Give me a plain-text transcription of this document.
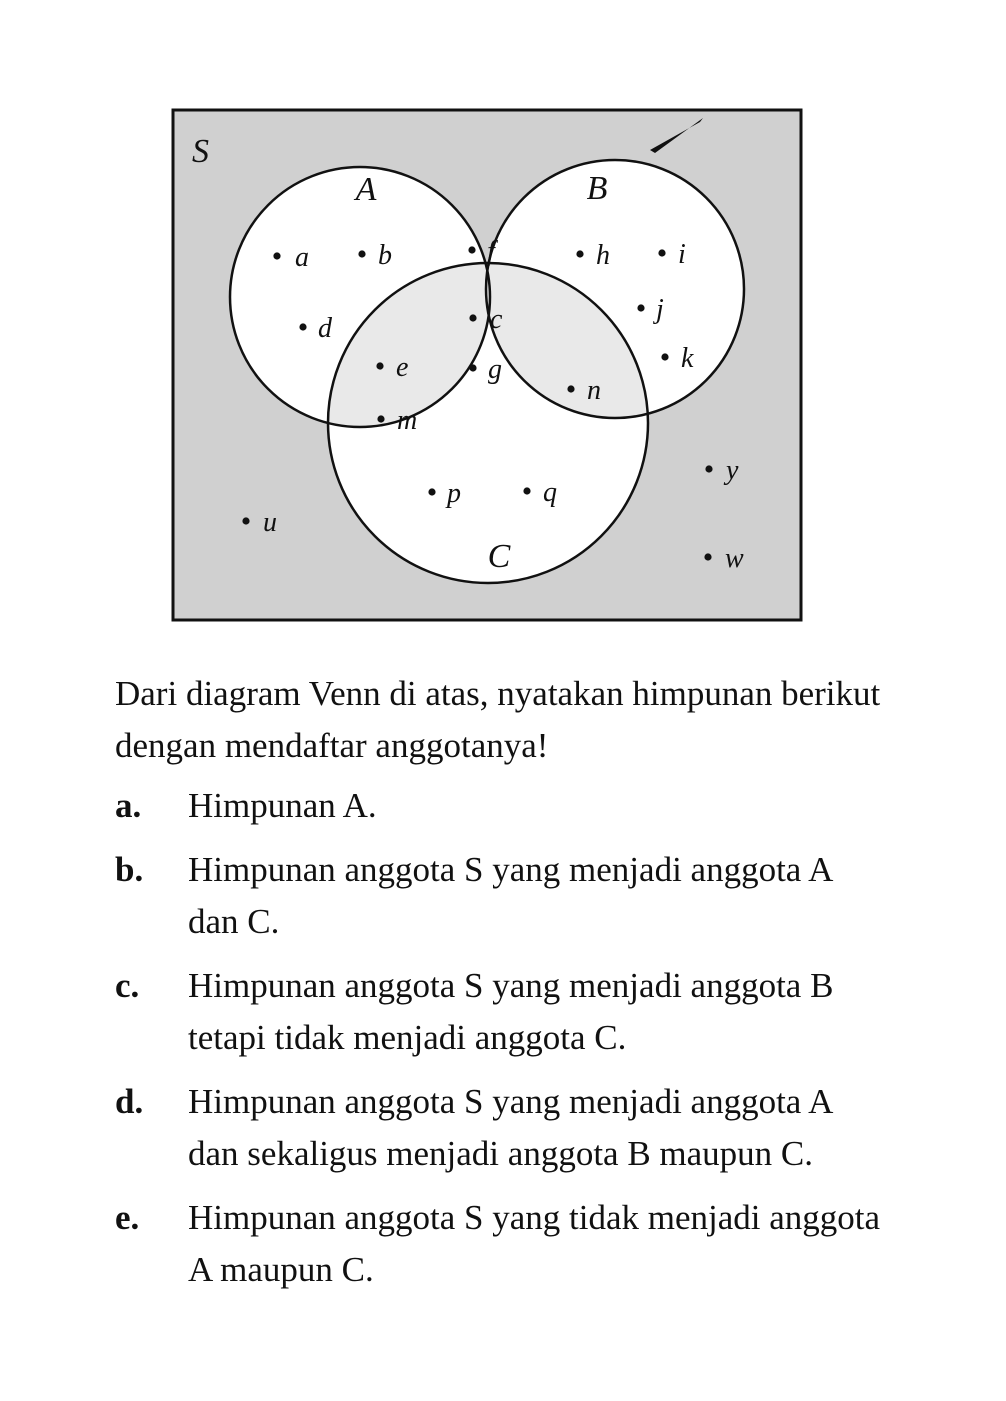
S
A	B
C
a b
d
f
c
g
e
m
h i
j
k
n
p	q
u
y
w

Dari diagram Venn di atas, nyatakan himpunan berikut dengan mendaftar anggotanya!

a. Himpunan A.
b. Himpunan anggota S yang menjadi anggota A dan C.
c. Himpunan anggota S yang menjadi anggota B tetapi tidak menjadi anggota C.
d. Himpunan anggota S yang menjadi anggota A dan sekaligus menjadi anggota B maupun C.
e. Himpunan anggota S yang tidak menjadi anggota A maupun C.
